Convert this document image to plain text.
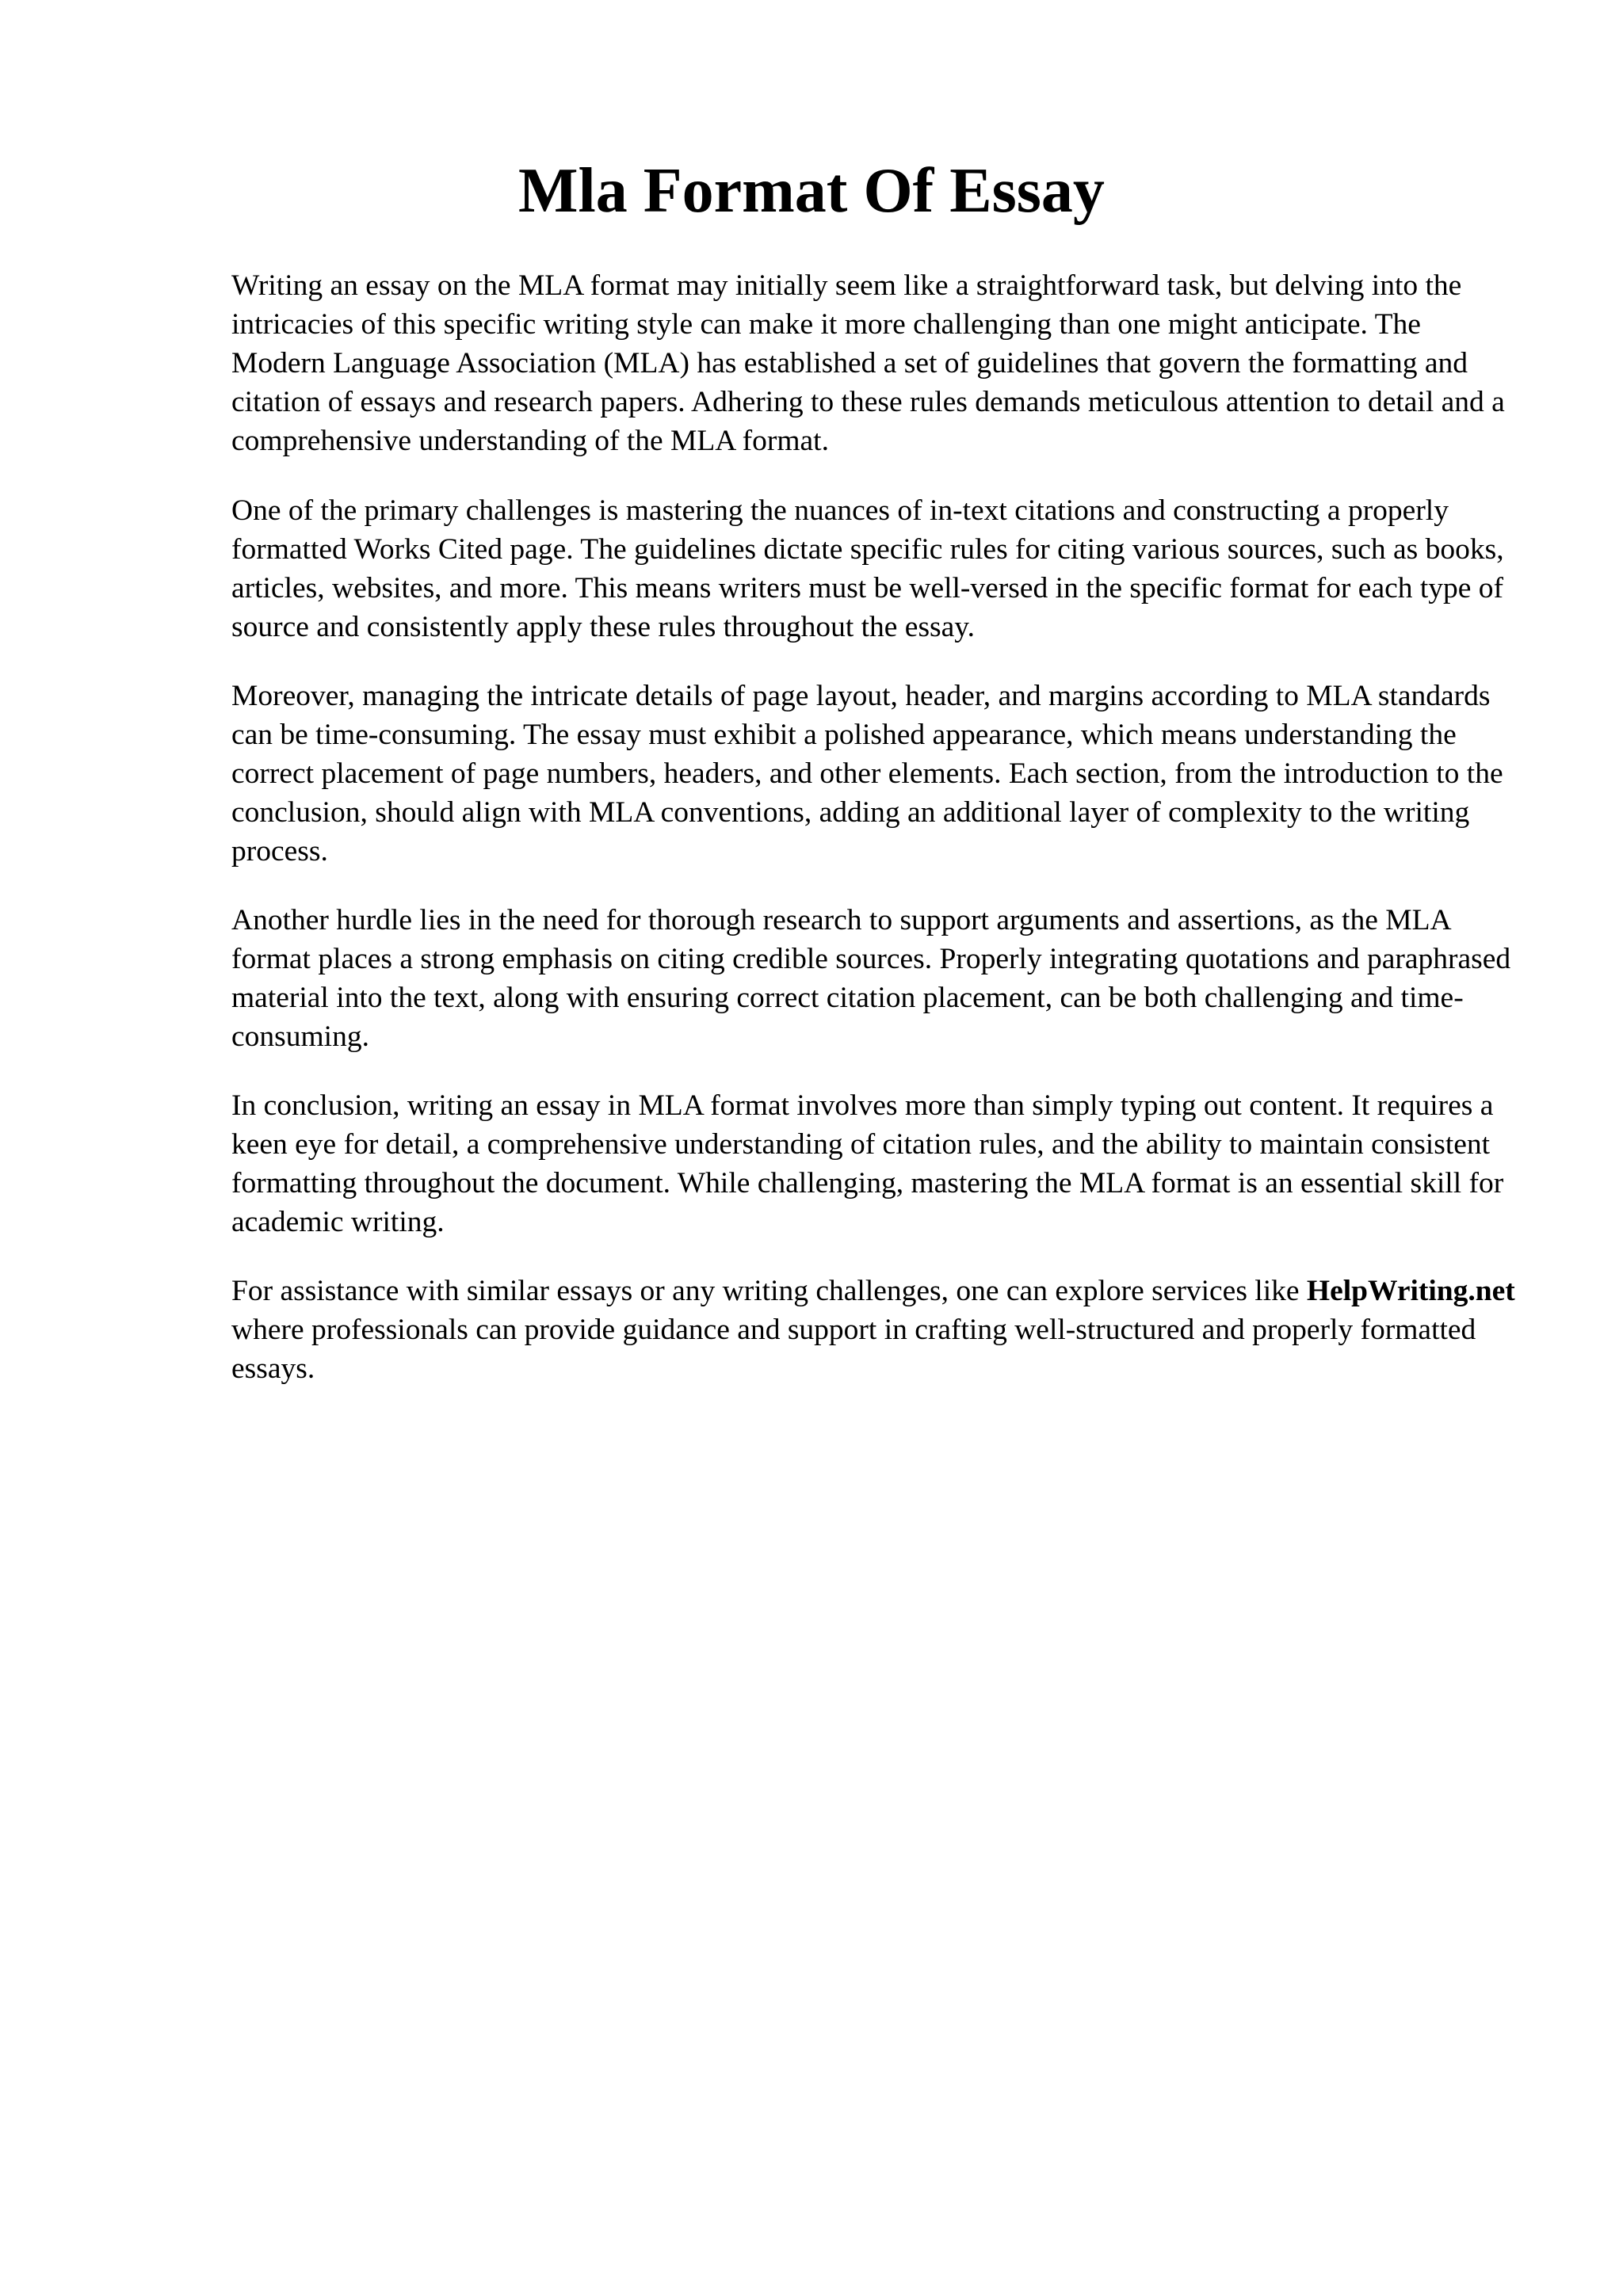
Mla Format Of Essay

Writing an essay on the MLA format may initially seem like a straightforward task, but delving into the intricacies of this specific writing style can make it more challenging than one might anticipate. The Modern Language Association (MLA) has established a set of guidelines that govern the formatting and citation of essays and research papers. Adhering to these rules demands meticulous attention to detail and a comprehensive understanding of the MLA format.

One of the primary challenges is mastering the nuances of in-text citations and constructing a properly formatted Works Cited page. The guidelines dictate specific rules for citing various sources, such as books, articles, websites, and more. This means writers must be well-versed in the specific format for each type of source and consistently apply these rules throughout the essay.

Moreover, managing the intricate details of page layout, header, and margins according to MLA standards can be time-consuming. The essay must exhibit a polished appearance, which means understanding the correct placement of page numbers, headers, and other elements. Each section, from the introduction to the conclusion, should align with MLA conventions, adding an additional layer of complexity to the writing process.

Another hurdle lies in the need for thorough research to support arguments and assertions, as the MLA format places a strong emphasis on citing credible sources. Properly integrating quotations and paraphrased material into the text, along with ensuring correct citation placement, can be both challenging and time-consuming.

In conclusion, writing an essay in MLA format involves more than simply typing out content. It requires a keen eye for detail, a comprehensive understanding of citation rules, and the ability to maintain consistent formatting throughout the document. While challenging, mastering the MLA format is an essential skill for academic writing.

For assistance with similar essays or any writing challenges, one can explore services like HelpWriting.net where professionals can provide guidance and support in crafting well-structured and properly formatted essays.
